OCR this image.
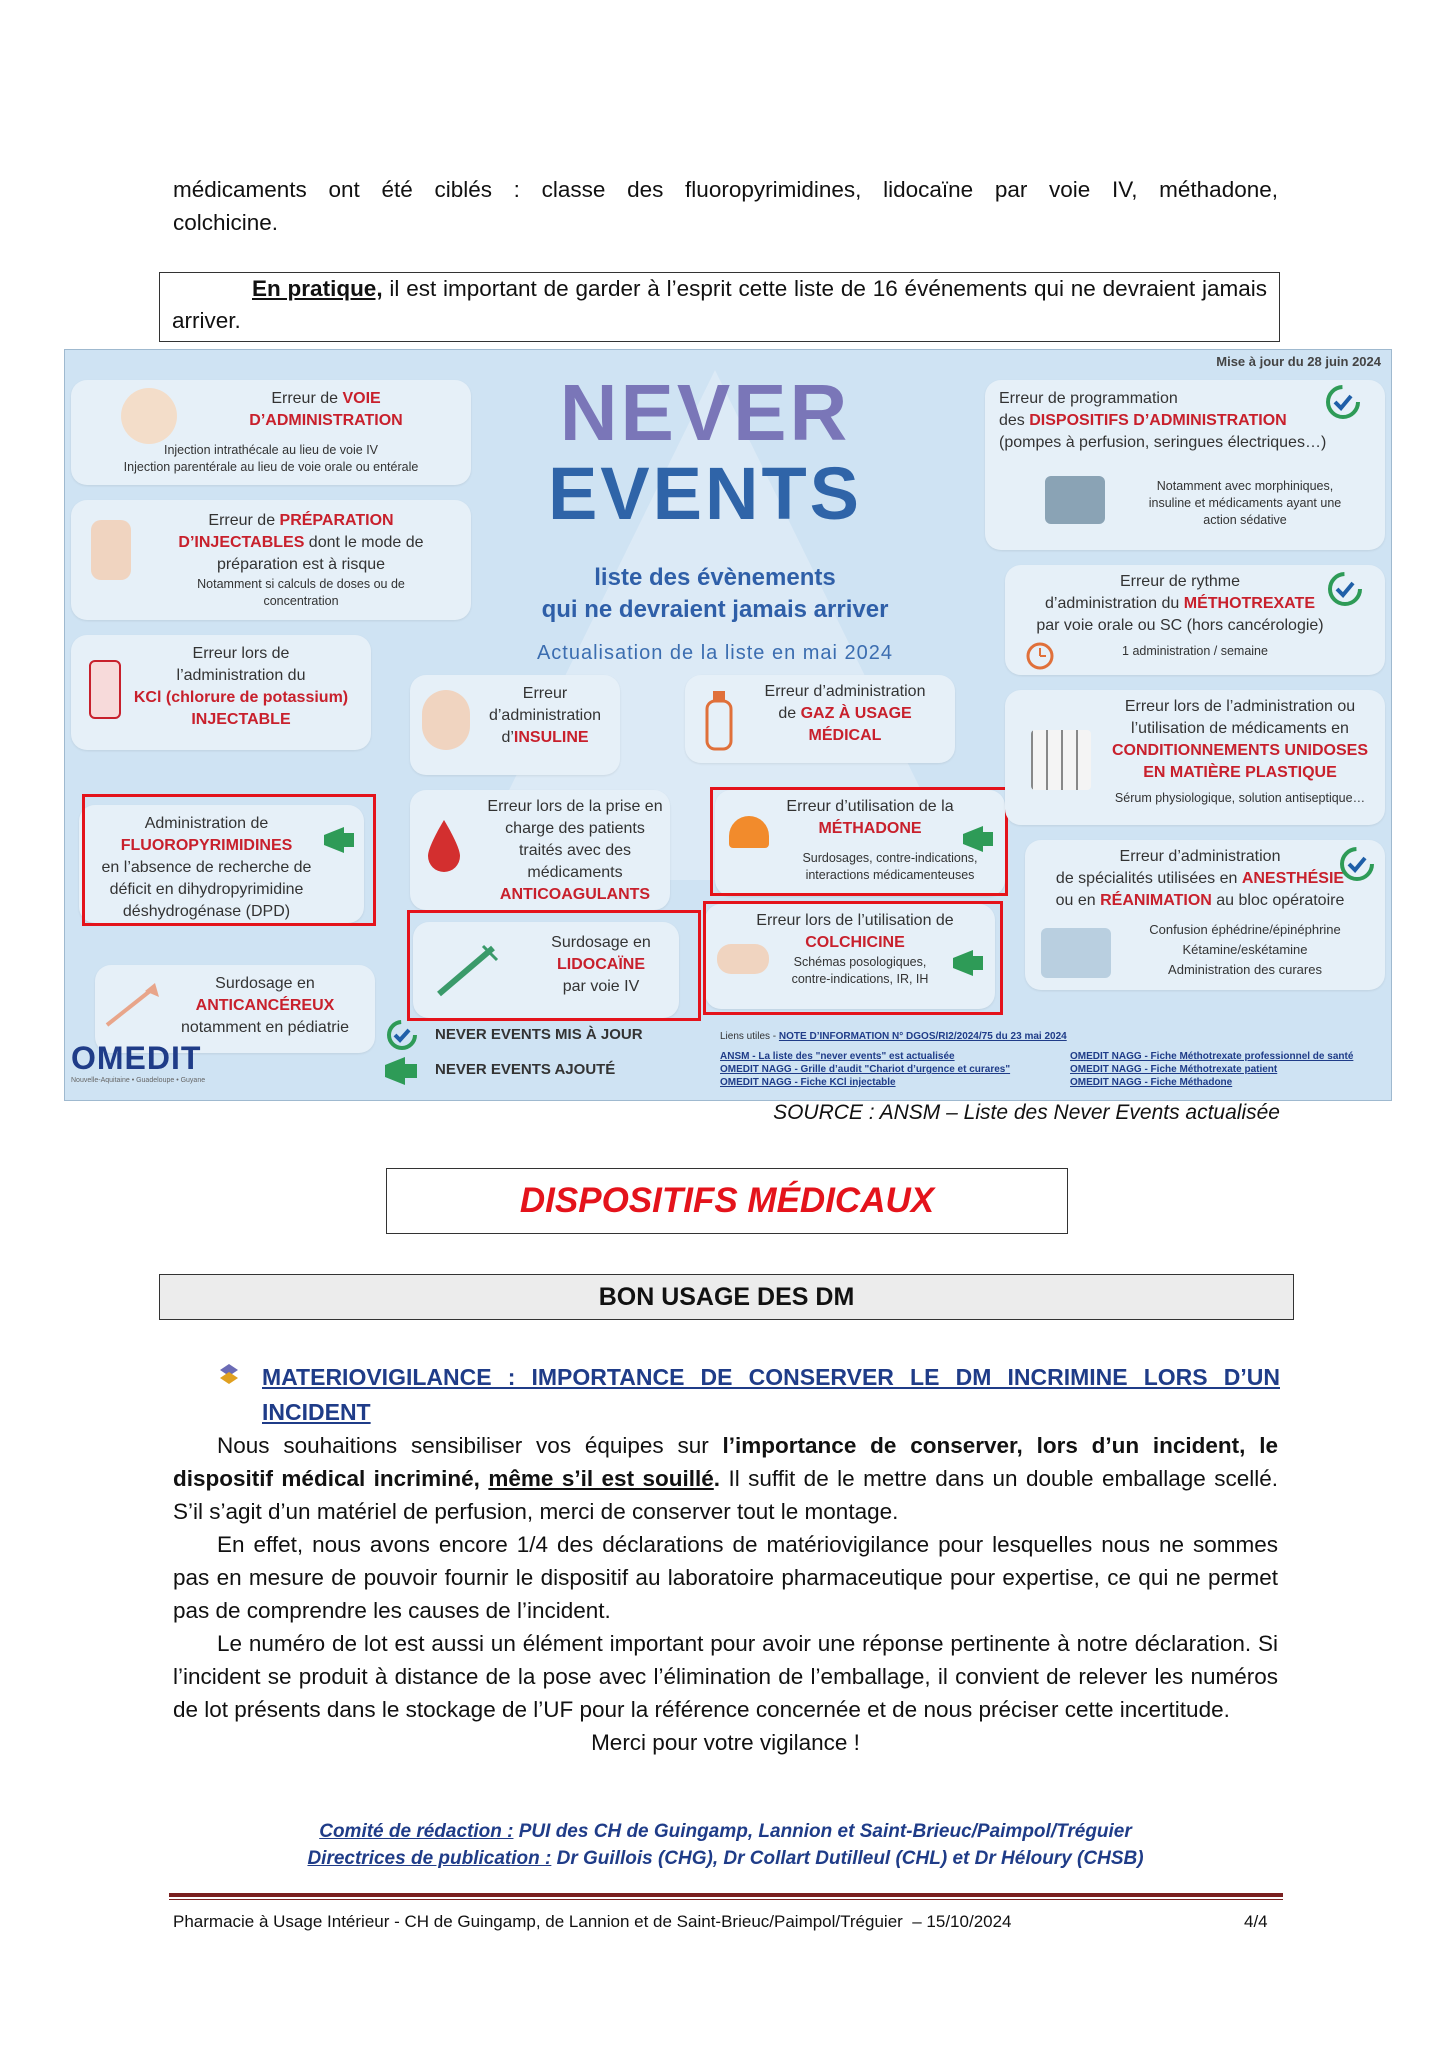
médicaments ont été ciblés : classe des fluoropyrimidines, lidocaïne par voie IV, méthadone,
colchicine.
En pratique, il est important de garder à l’esprit cette liste de 16 événements qui ne devraient jamais arriver.
Mise à jour du 28 juin 2024
NEVER
EVENTS
liste des évènements
qui ne devraient jamais arriver
Actualisation de la liste en mai 2024
Erreur de VOIE
D’ADMINISTRATION
Injection intrathécale au lieu de voie IV
Injection parentérale au lieu de voie orale ou entérale
Erreur de PRÉPARATION
D’INJECTABLES dont le mode de
préparation est à risque
Notamment si calculs de doses ou de
concentration
Erreur lors de
l’administration du
KCl (chlorure de potassium)
INJECTABLE
Administration de
FLUOROPYRIMIDINES
en l’absence de recherche de
déficit en dihydropyrimidine
déshydrogénase (DPD)
Surdosage en
ANTICANCÉREUX
notamment en pédiatrie
Erreur
d’administration
d’INSULINE
Erreur lors de la prise en
charge des patients
traités avec des
médicaments
ANTICOAGULANTS
Surdosage en
LIDOCAÏNE
par voie IV
Erreur d’administration
de GAZ À USAGE
MÉDICAL
Erreur d’utilisation de la
MÉTHADONE
Surdosages, contre-indications,
interactions médicamenteuses
Erreur lors de l’utilisation de
COLCHICINE
Schémas posologiques,
contre-indications, IR, IH
Erreur de programmation
des DISPOSITIFS D’ADMINISTRATION
(pompes à perfusion, seringues électriques…)
Notamment avec morphiniques,
insuline et médicaments ayant une
action sédative
Erreur de rythme
d’administration du MÉTHOTREXATE
par voie orale ou SC (hors cancérologie)
1 administration / semaine
Erreur lors de l’administration ou
l’utilisation de médicaments en
CONDITIONNEMENTS UNIDOSES
EN MATIÈRE PLASTIQUE
Sérum physiologique, solution antiseptique…
Erreur d’administration
de spécialités utilisées en ANESTHÉSIE
ou en RÉANIMATION au bloc opératoire
Confusion éphédrine/épinéphrine
Kétamine/eskétamine
Administration des curares
NEVER EVENTS MIS À JOUR
NEVER EVENTS AJOUTÉ
OMEDIT
Nouvelle-Aquitaine • Guadeloupe • Guyane
Liens utiles - NOTE D’INFORMATION N° DGOS/RI2/2024/75 du 23 mai 2024
ANSM - La liste des "never events" est actualisée
OMEDIT NAGG - Grille d’audit "Chariot d’urgence et curares"
OMEDIT NAGG - Fiche KCl injectable
OMEDIT NAGG - Fiche Méthotrexate professionnel de santé
OMEDIT NAGG - Fiche Méthotrexate patient
OMEDIT NAGG - Fiche Méthadone
SOURCE : ANSM – Liste des Never Events actualisée
DISPOSITIFS MÉDICAUX
BON USAGE DES DM
MATERIOVIGILANCE : IMPORTANCE DE CONSERVER LE DM INCRIMINE LORS D’UN
INCIDENT
Nous souhaitions sensibiliser vos équipes sur l’importance de conserver, lors d’un incident, le dispositif médical incriminé, même s’il est souillé. Il suffit de le mettre dans un double emballage scellé. S’il s’agit d’un matériel de perfusion, merci de conserver tout le montage.
En effet, nous avons encore 1/4 des déclarations de matériovigilance pour lesquelles nous ne sommes pas en mesure de pouvoir fournir le dispositif au laboratoire pharmaceutique pour expertise, ce qui ne permet pas de comprendre les causes de l’incident.
Le numéro de lot est aussi un élément important pour avoir une réponse pertinente à notre déclaration. Si l’incident se produit à distance de la pose avec l’élimination de l’emballage, il convient de relever les numéros de lot présents dans le stockage de l’UF pour la référence concernée et de nous préciser cette incertitude.
Merci pour votre vigilance !
Comité de rédaction : PUI des CH de Guingamp, Lannion et Saint-Brieuc/Paimpol/Tréguier
Directrices de publication : Dr Guillois (CHG), Dr Collart Dutilleul (CHL) et Dr Héloury (CHSB)
Pharmacie à Usage Intérieur - CH de Guingamp, de Lannion et de Saint-Brieuc/Paimpol/Tréguier  – 15/10/2024	4/4
